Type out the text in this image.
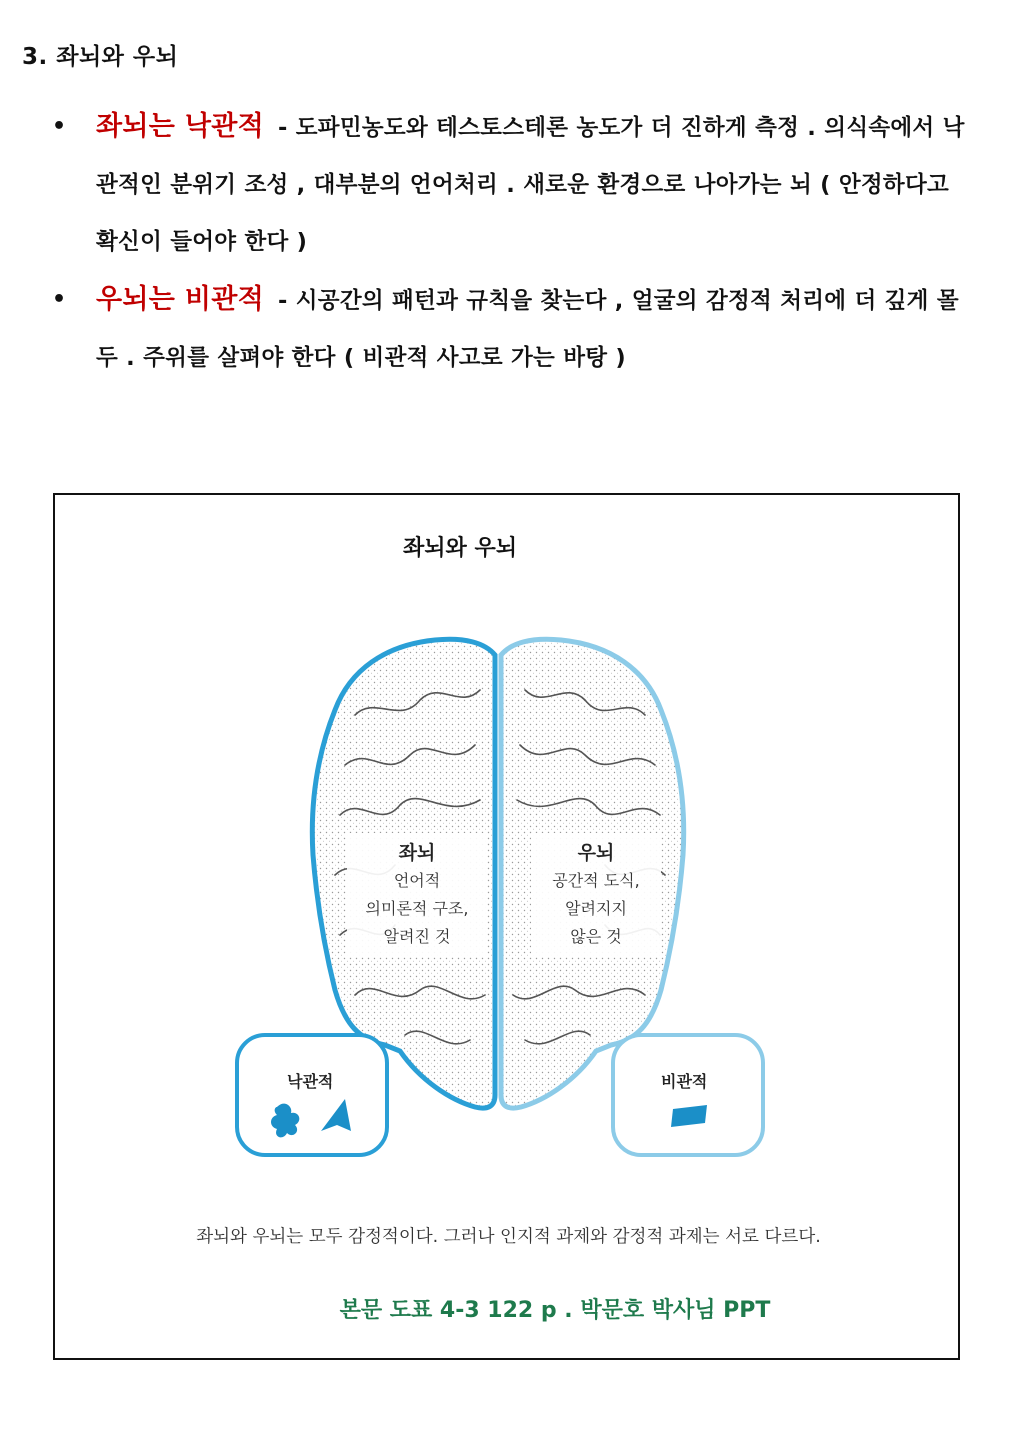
3. 좌뇌와 우뇌
• 좌뇌는 낙관적 - 도파민농도와 테스토스테론 농도가 더 진하게 측정 . 의식속에서 낙관적인 분위기 조성 , 대부분의 언어처리 . 새로운 환경으로 나아가는 뇌 ( 안정하다고 확신이 들어야 한다 )
• 우뇌는 비관적 - 시공간의 패턴과 규칙을 찾는다 , 얼굴의 감정적 처리에 더 깊게 몰두 . 주위를 살펴야 한다 ( 비관적 사고로 가는 바탕 )
좌뇌와 우뇌
좌뇌
언어적
의미론적 구조,
알려진 것
우뇌
공간적 도식,
알려지지
않은 것
낙관적	비관적
좌뇌와 우뇌는 모두 감정적이다. 그러나 인지적 과제와 감정적 과제는 서로 다르다.
본문 도표 4-3 122 p . 박문호 박사님 PPT
